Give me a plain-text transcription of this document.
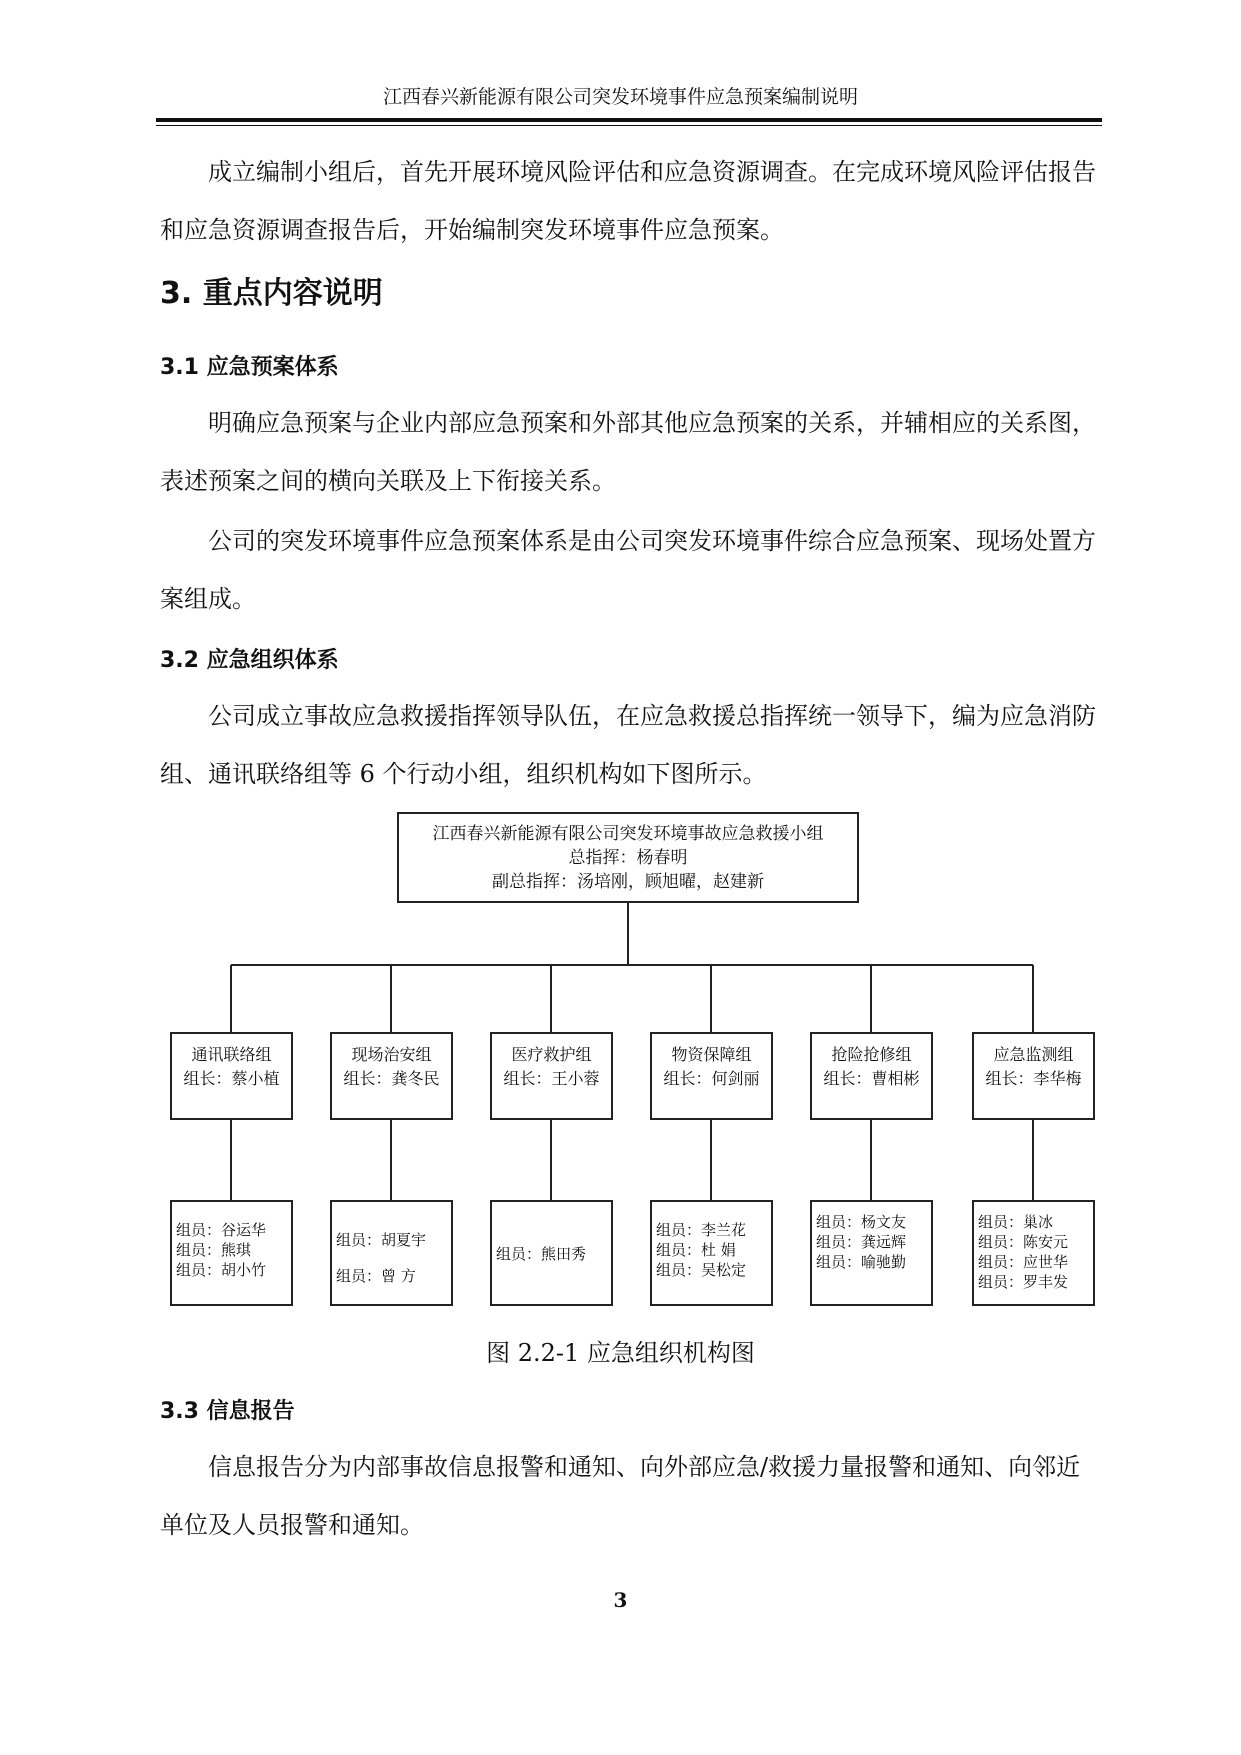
江西春兴新能源有限公司突发环境事件应急预案编制说明

成立编制小组后，首先开展环境风险评估和应急资源调查。在完成环境风险评估报告和应急资源调查报告后，开始编制突发环境事件应急预案。

3. 重点内容说明
3.1 应急预案体系

明确应急预案与企业内部应急预案和外部其他应急预案的关系，并辅相应的关系图，表述预案之间的横向关联及上下衔接关系。

公司的突发环境事件应急预案体系是由公司突发环境事件综合应急预案、现场处置方案组成。

3.2 应急组织体系

公司成立事故应急救援指挥领导队伍，在应急救援总指挥统一领导下，编为应急消防组、通讯联络组等 6 个行动小组，组织机构如下图所示。

江西春兴新能源有限公司突发环境事故应急救援小组
总指挥：杨春明
副总指挥：汤培刚，顾旭曜，赵建新
通讯联络组
组长：蔡小植
现场治安组
组长：龚冬民
医疗救护组
组长：王小蓉
物资保障组
组长：何剑丽
抢险抢修组
组长：曹相彬
应急监测组
组长：李华梅
组员：谷运华
组员：熊琪
组员：胡小竹
组员：胡夏宇
组员：曾 方
组员：熊田秀
组员：李兰花
组员：杜 娟
组员：吴松定
组员：杨文友
组员：龚远辉
组员：喻驰勤
组员：巢冰
组员：陈安元
组员：应世华
组员：罗丰发
图 2.2-1 应急组织机构图
3.3 信息报告

信息报告分为内部事故信息报警和通知、向外部应急/救援力量报警和通知、向邻近单位及人员报警和通知。

3
